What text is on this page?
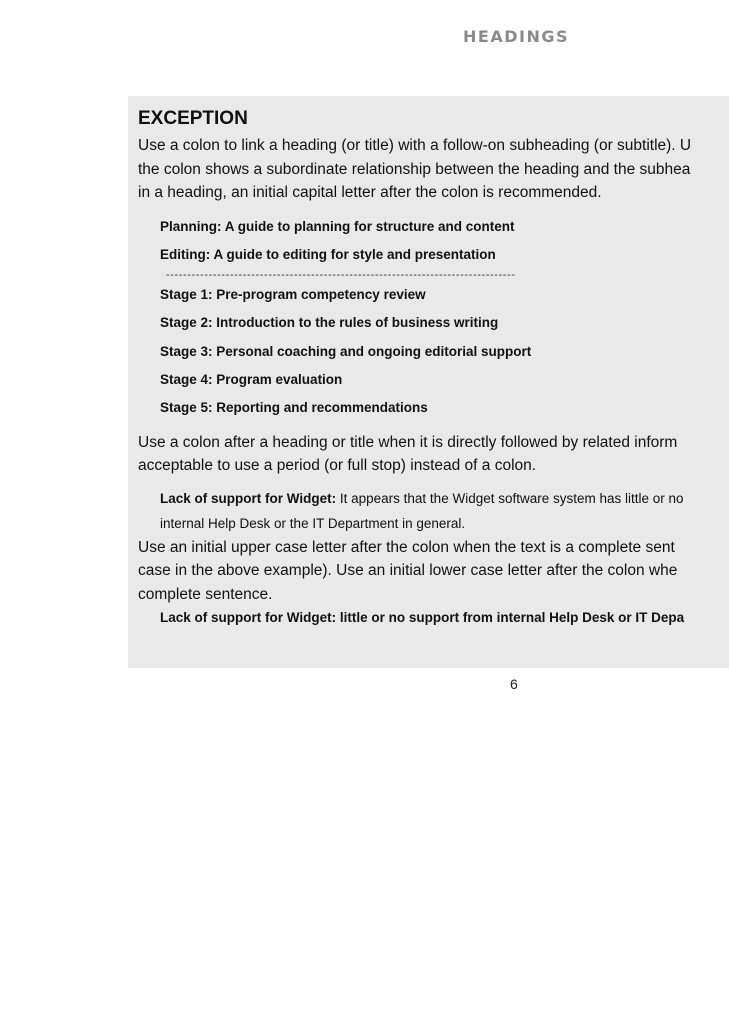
HEADINGS
EXCEPTION

Use a colon to link a heading (or title) with a follow-on subheading (or subtitle). U

the colon shows a subordinate relationship between the heading and the subhea

in a heading, an initial capital letter after the colon is recommended.

Planning: A guide to planning for structure and content
Editing: A guide to editing for style and presentation
----------------------------------------------------------------------------------
Stage 1: Pre-program competency review
Stage 2: Introduction to the rules of business writing
Stage 3: Personal coaching and ongoing editorial support
Stage 4: Program evaluation
Stage 5: Reporting and recommendations

Use a colon after a heading or title when it is directly followed by related inform

acceptable to use a period (or full stop) instead of a colon.

Lack of support for Widget: It appears that the Widget software system has little or no
internal Help Desk or the IT Department in general.

Use an initial upper case letter after the colon when the text is a complete sent

case in the above example). Use an initial lower case letter after the colon whe

complete sentence.

Lack of support for Widget: little or no support from internal Help Desk or IT Depa
6
